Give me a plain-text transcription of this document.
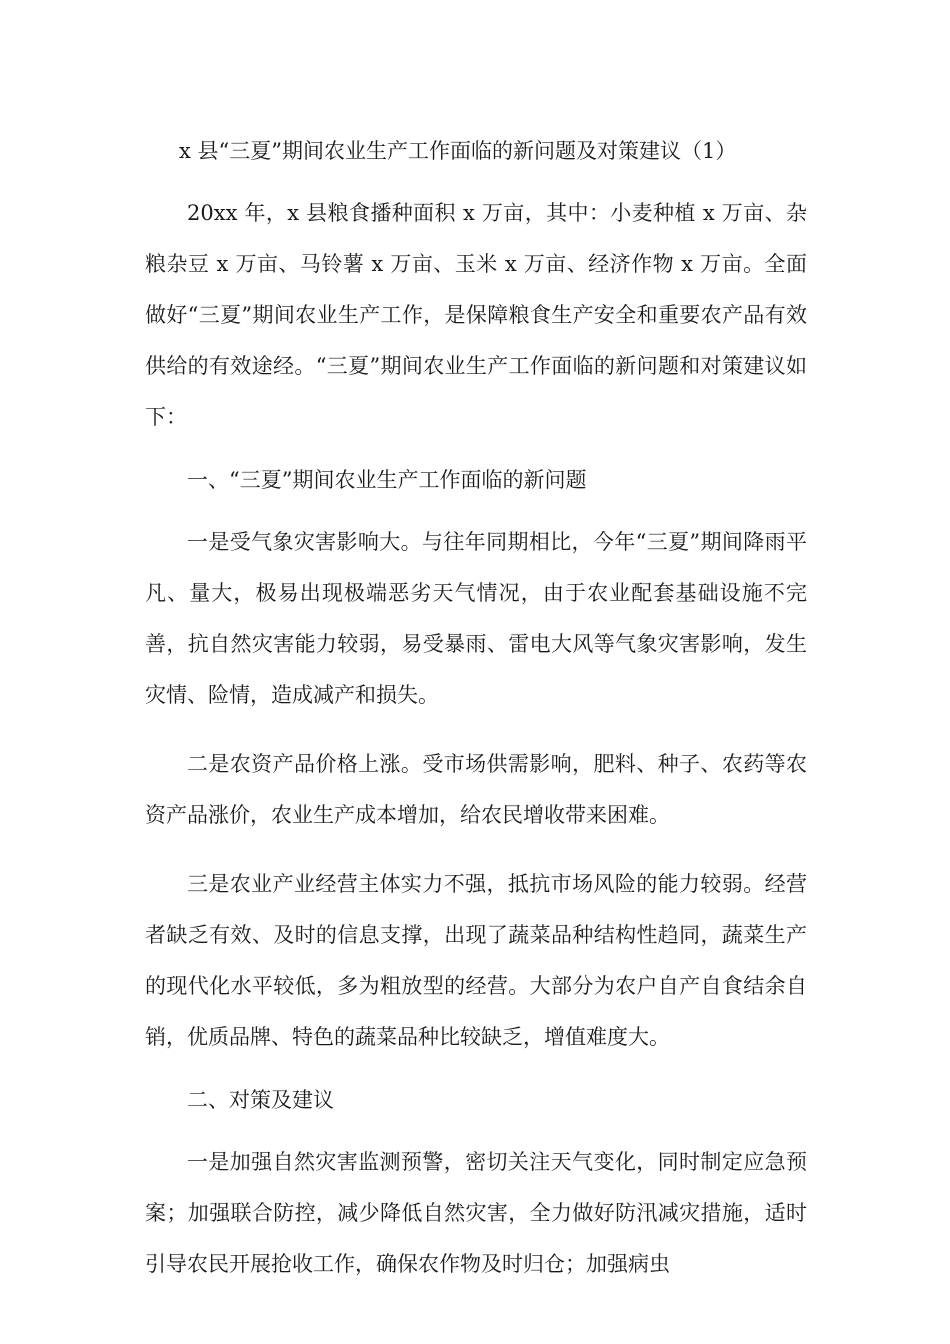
x 县“三夏”期间农业生产工作面临的新问题及对策建议（1）

20xx 年，x 县粮食播种面积 x 万亩，其中：小麦种植 x 万亩、杂粮杂豆 x 万亩、马铃薯 x 万亩、玉米 x 万亩、经济作物 x 万亩。全面做好“三夏”期间农业生产工作，是保障粮食生产安全和重要农产品有效供给的有效途经。“三夏”期间农业生产工作面临的新问题和对策建议如下：

一、“三夏”期间农业生产工作面临的新问题

一是受气象灾害影响大。与往年同期相比，今年“三夏”期间降雨平凡、量大，极易出现极端恶劣天气情况，由于农业配套基础设施不完善，抗自然灾害能力较弱，易受暴雨、雷电大风等气象灾害影响，发生灾情、险情，造成减产和损失。

二是农资产品价格上涨。受市场供需影响，肥料、种子、农药等农资产品涨价，农业生产成本增加，给农民增收带来困难。

三是农业产业经营主体实力不强，抵抗市场风险的能力较弱。经营者缺乏有效、及时的信息支撑，出现了蔬菜品种结构性趋同，蔬菜生产的现代化水平较低，多为粗放型的经营。大部分为农户自产自食结余自销，优质品牌、特色的蔬菜品种比较缺乏，增值难度大。

二、对策及建议

一是加强自然灾害监测预警，密切关注天气变化，同时制定应急预案；加强联合防控，减少降低自然灾害，全力做好防汛减灾措施，适时引导农民开展抢收工作，确保农作物及时归仓；加强病虫
